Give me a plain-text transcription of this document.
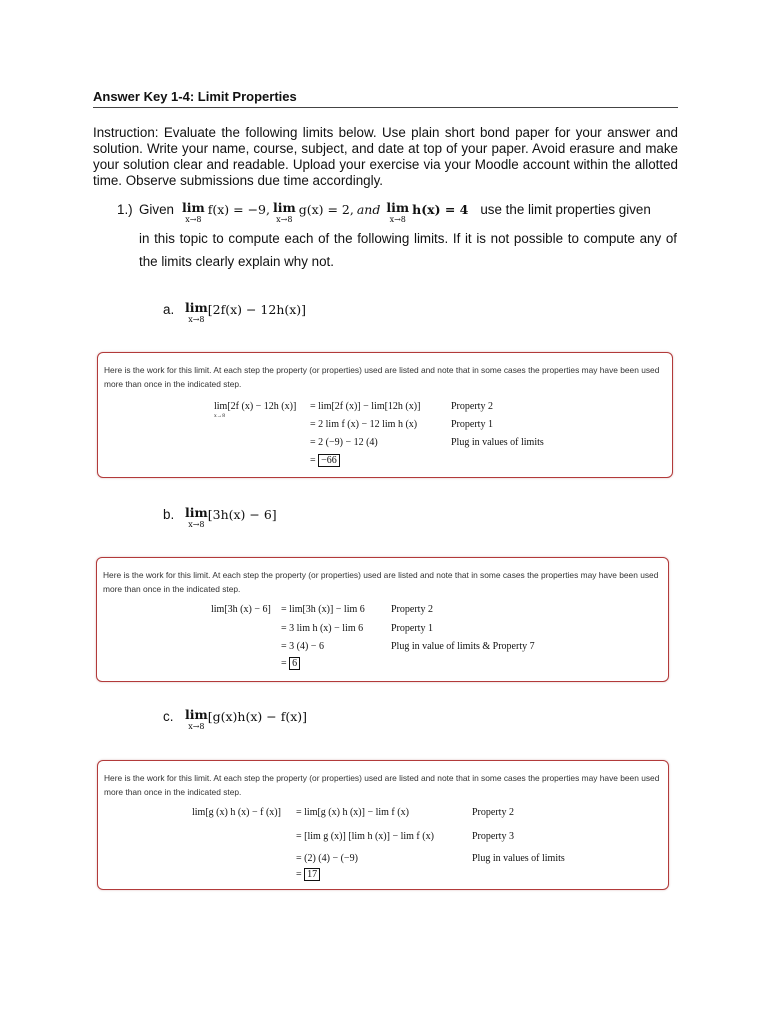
Answer Key 1-4: Limit Properties
Instruction: Evaluate the following limits below. Use plain short bond paper for your answer and solution. Write your name, course, subject, and date at top of your paper. Avoid erasure and make your solution clear and readable. Upload your exercise via your Moodle account within the allotted time. Observe submissions due time accordingly.
1.) Given lim
x→8
f(x) = −9, lim
x→8
g(x) = 2, and lim
x→8
h(x) = 4 use the limit properties given
in this topic to compute each of the following limits. If it is not possible to compute any of the limits clearly explain why not.
a. lim
x→8
[2f(x) − 12h(x)]
Here is the work for this limit. At each step the property (or properties) used are listed and note that in some cases the properties may have been used more than once in the indicated step.
lim[2f (x) − 12h (x)] = lim[2f (x)] − lim[12h (x)]	Property 2
x→8
= 2 lim f (x) − 12 lim h (x)	Property 1
= 2 (−9) − 12 (4)	Plug in values of limits
= −66
b. lim
x→8
[3h(x) − 6]
Here is the work for this limit. At each step the property (or properties) used are listed and note that in some cases the properties may have been used more than once in the indicated step.
lim[3h (x) − 6] = lim[3h (x)] − lim 6	Property 2
= 3 lim h (x) − lim 6	Property 1
= 3 (4) − 6	Plug in value of limits & Property 7
= 6
c. lim
x→8
[g(x)h(x) − f(x)]
Here is the work for this limit. At each step the property (or properties) used are listed and note that in some cases the properties may have been used more than once in the indicated step.
lim[g (x) h (x) − f (x)] = lim[g (x) h (x)] − lim f (x)	Property 2
= [lim g (x)] [lim h (x)] − lim f (x)	Property 3
= (2) (4) − (−9)	Plug in values of limits
= 17
